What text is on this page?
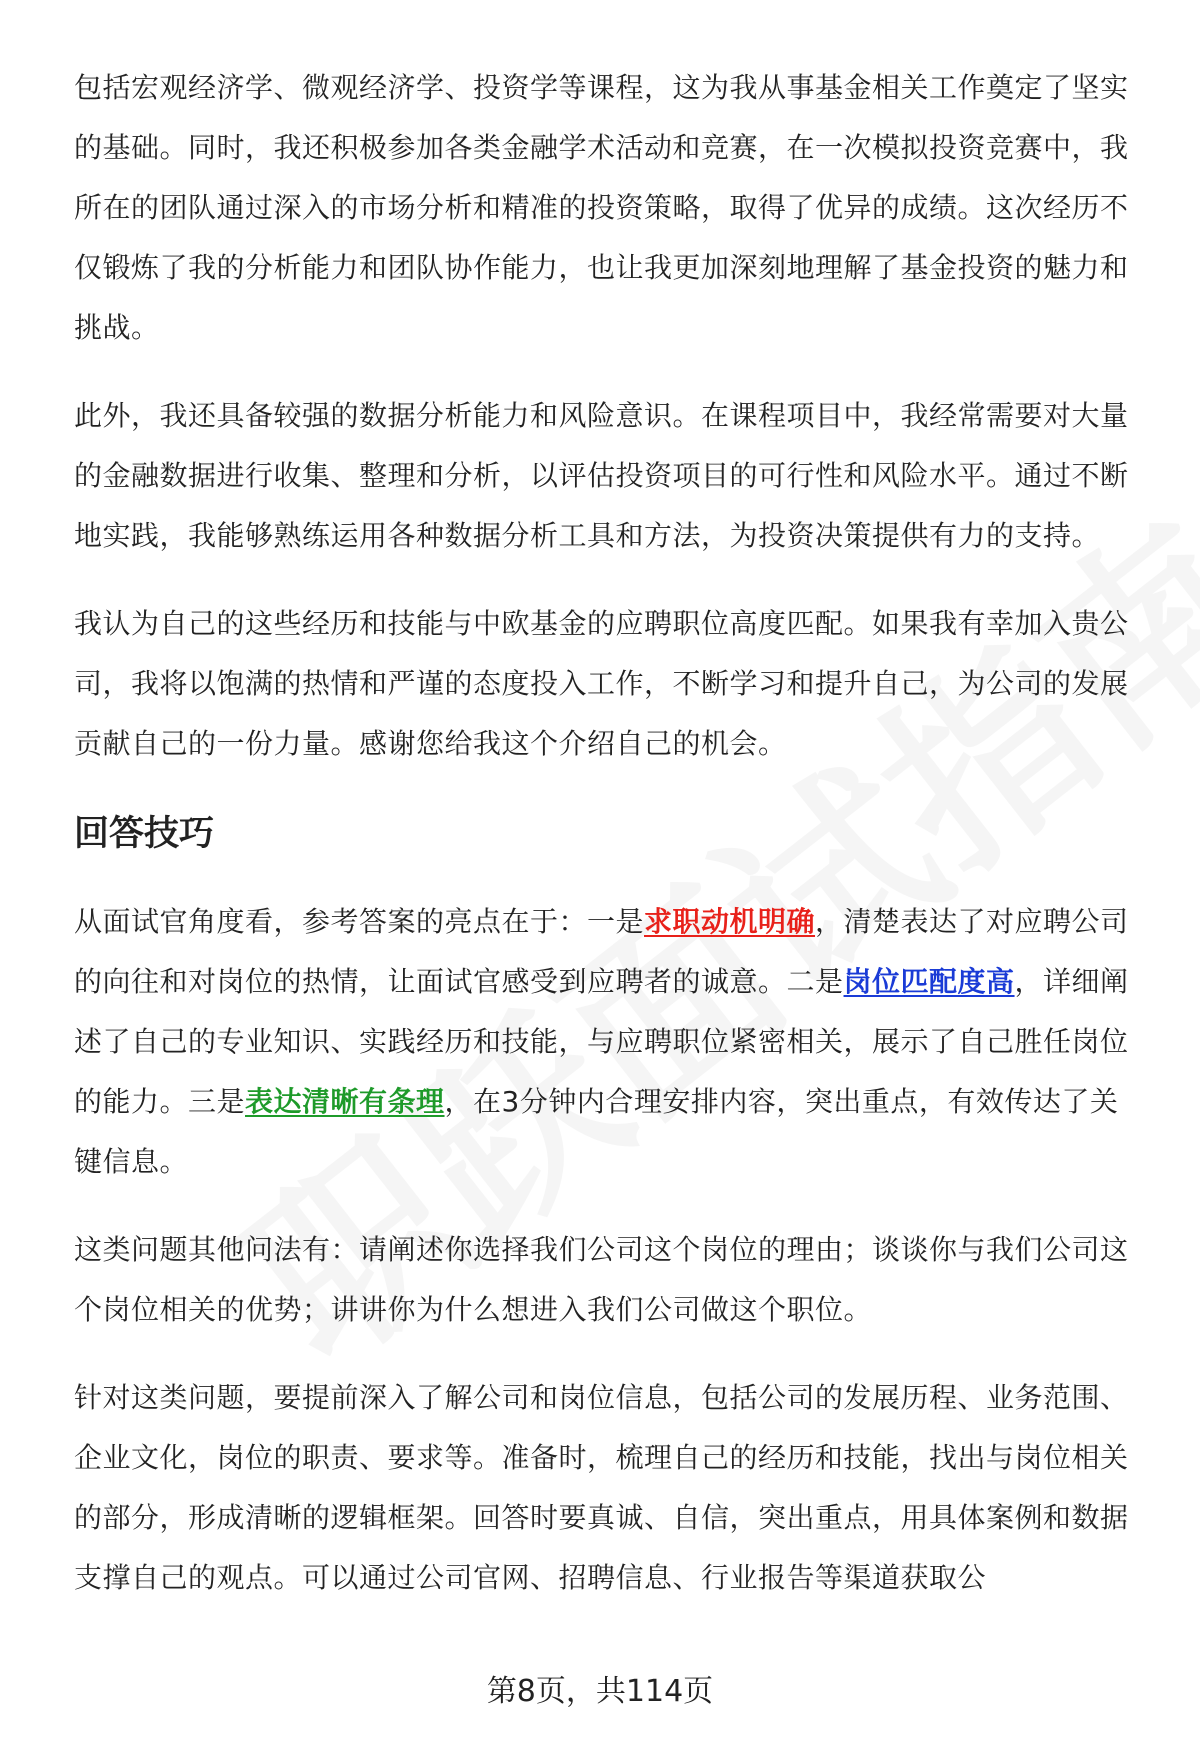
包括宏观经济学、微观经济学、投资学等课程，这为我从事基金相关工作奠定了坚实的基础。同时，我还积极参加各类金融学术活动和竞赛，在一次模拟投资竞赛中，我所在的团队通过深入的市场分析和精准的投资策略，取得了优异的成绩。这次经历不仅锻炼了我的分析能力和团队协作能力，也让我更加深刻地理解了基金投资的魅力和挑战。

此外，我还具备较强的数据分析能力和风险意识。在课程项目中，我经常需要对大量的金融数据进行收集、整理和分析，以评估投资项目的可行性和风险水平。通过不断地实践，我能够熟练运用各种数据分析工具和方法，为投资决策提供有力的支持。

我认为自己的这些经历和技能与中欧基金的应聘职位高度匹配。如果我有幸加入贵公司，我将以饱满的热情和严谨的态度投入工作，不断学习和提升自己，为公司的发展贡献自己的一份力量。感谢您给我这个介绍自己的机会。

回答技巧

从面试官角度看，参考答案的亮点在于：一是求职动机明确，清楚表达了对应聘公司的向往和对岗位的热情，让面试官感受到应聘者的诚意。二是岗位匹配度高，详细阐述了自己的专业知识、实践经历和技能，与应聘职位紧密相关，展示了自己胜任岗位的能力。三是表达清晰有条理，在3分钟内合理安排内容，突出重点，有效传达了关键信息。

这类问题其他问法有：请阐述你选择我们公司这个岗位的理由；谈谈你与我们公司这个岗位相关的优势；讲讲你为什么想进入我们公司做这个职位。

针对这类问题，要提前深入了解公司和岗位信息，包括公司的发展历程、业务范围、企业文化，岗位的职责、要求等。准备时，梳理自己的经历和技能，找出与岗位相关的部分，形成清晰的逻辑框架。回答时要真诚、自信，突出重点，用具体案例和数据支撑自己的观点。可以通过公司官网、招聘信息、行业报告等渠道获取公

第8页，共114页
